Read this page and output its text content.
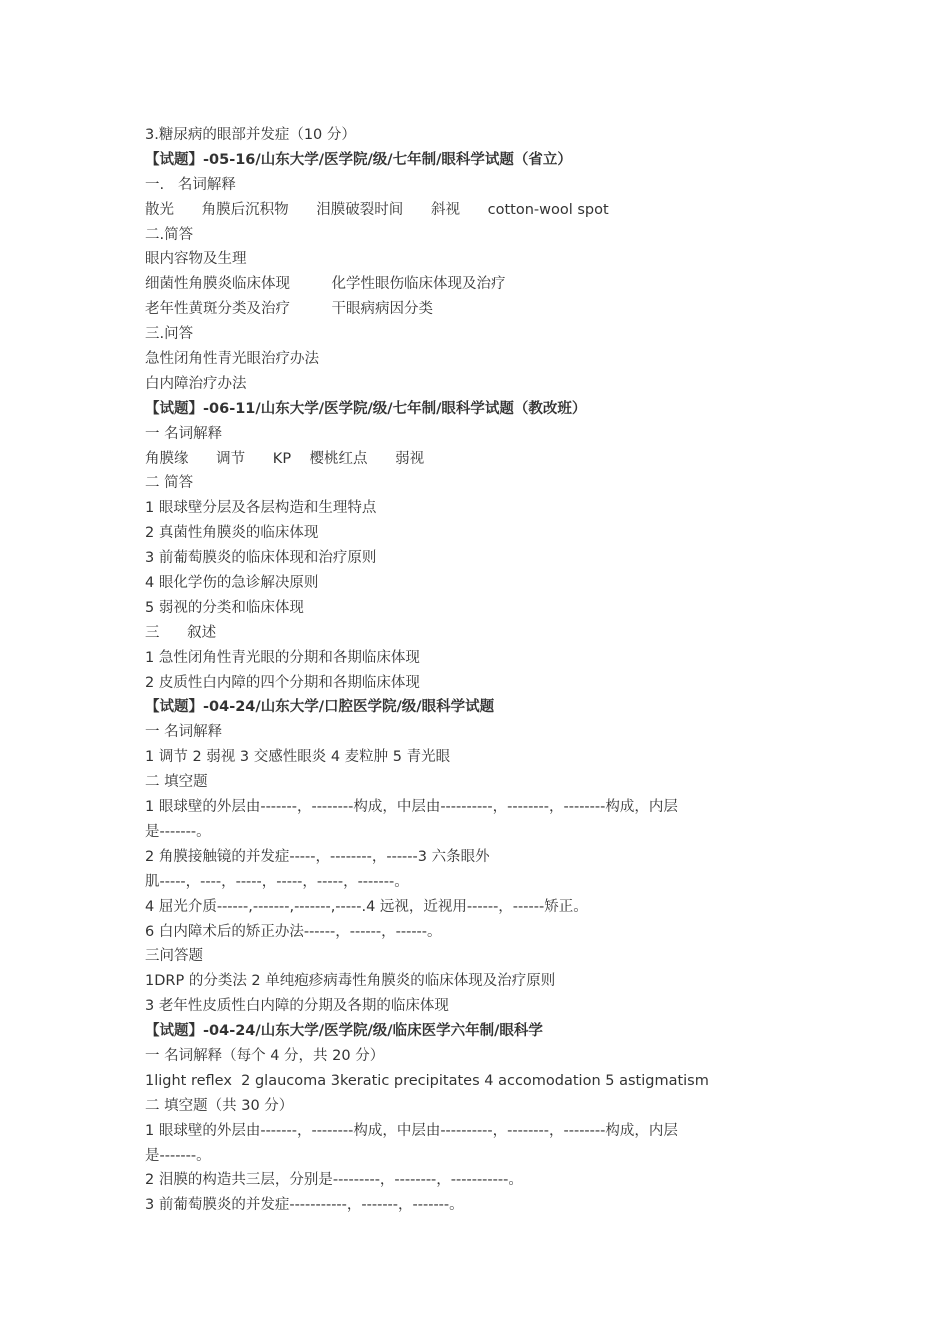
3.糖尿病的眼部并发症（10 分）
【试题】-05-16/山东大学/医学院/级/七年制/眼科学试题（省立）
一.   名词解释
散光      角膜后沉积物      泪膜破裂时间      斜视      cotton-wool spot
二.简答
眼内容物及生理
细菌性角膜炎临床体现         化学性眼伤临床体现及治疗
老年性黄斑分类及治疗         干眼病病因分类
三.问答
急性闭角性青光眼治疗办法
白内障治疗办法
【试题】-06-11/山东大学/医学院/级/七年制/眼科学试题（教改班）
一 名词解释
角膜缘      调节      KP    樱桃红点      弱视
二 简答
1 眼球壁分层及各层构造和生理特点
2 真菌性角膜炎的临床体现
3 前葡萄膜炎的临床体现和治疗原则
4 眼化学伤的急诊解决原则
5 弱视的分类和临床体现
三      叙述
1 急性闭角性青光眼的分期和各期临床体现
2 皮质性白内障的四个分期和各期临床体现
【试题】-04-24/山东大学/口腔医学院/级/眼科学试题
一 名词解释
1 调节 2 弱视 3 交感性眼炎 4 麦粒肿 5 青光眼
二 填空题
1 眼球壁的外层由-------，--------构成，中层由----------，--------，--------构成，内层
是-------。
2 角膜接触镜的并发症-----，--------，------3 六条眼外
肌-----，----，-----，-----，-----，-------。
4 屈光介质------,-------,-------,-----.4 远视，近视用------，------矫正。
6 白内障术后的矫正办法------，------，------。
三问答题
1DRP 的分类法 2 单纯疱疹病毒性角膜炎的临床体现及治疗原则
3 老年性皮质性白内障的分期及各期的临床体现
【试题】-04-24/山东大学/医学院/级/临床医学六年制/眼科学
一 名词解释（每个 4 分，共 20 分）
1light reflex  2 glaucoma 3keratic precipitates 4 accomodation 5 astigmatism
二 填空题（共 30 分）
1 眼球壁的外层由-------，--------构成，中层由----------，--------，--------构成，内层
是-------。
2 泪膜的构造共三层，分别是---------，--------，-----------。
3 前葡萄膜炎的并发症-----------，-------，-------。
